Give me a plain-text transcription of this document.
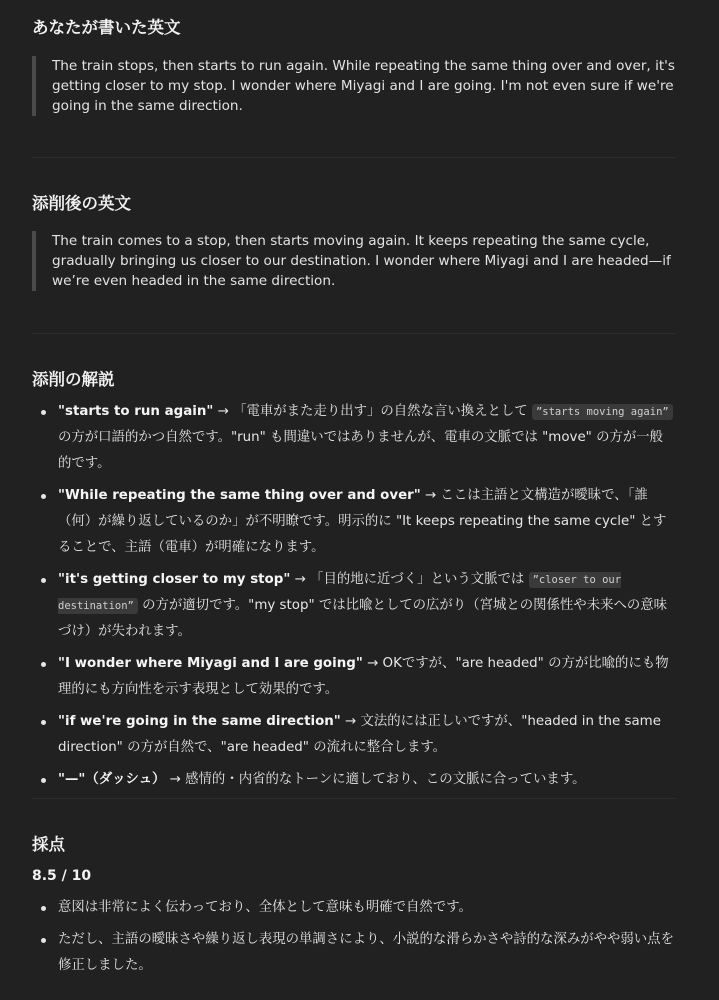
あなたが書いた英文
The train stops, then starts to run again. While repeating the same thing over and over, it's getting closer to my stop. I wonder where Miyagi and I are going. I'm not even sure if we're going in the same direction.
添削後の英文
The train comes to a stop, then starts moving again. It keeps repeating the same cycle, gradually bringing us closer to our destination. I wonder where Miyagi and I are headed—if we’re even headed in the same direction.
添削の解説
"starts to run again" → 「電車がまた走り出す」の自然な言い換えとして ”starts moving again” の方が口語的かつ自然です。"run" も間違いではありませんが、電車の文脈では "move" の方が一般的です。
"While repeating the same thing over and over" → ここは主語と文構造が曖昧で、「誰（何）が繰り返しているのか」が不明瞭です。明示的に "It keeps repeating the same cycle" とすることで、主語（電車）が明確になります。
"it's getting closer to my stop" → 「目的地に近づく」という文脈では ”closer to our destination” の方が適切です。"my stop" では比喩としての広がり（宮城との関係性や未来への意味づけ）が失われます。
"I wonder where Miyagi and I are going" → OKですが、"are headed" の方が比喩的にも物理的にも方向性を示す表現として効果的です。
"if we're going in the same direction" → 文法的には正しいですが、"headed in the same direction" の方が自然で、"are headed" の流れに整合します。
"—"（ダッシュ） → 感情的・内省的なトーンに適しており、この文脈に合っています。
採点
8.5 / 10
意図は非常によく伝わっており、全体として意味も明確で自然です。
ただし、主語の曖昧さや繰り返し表現の単調さにより、小説的な滑らかさや詩的な深みがやや弱い点を修正しました。
